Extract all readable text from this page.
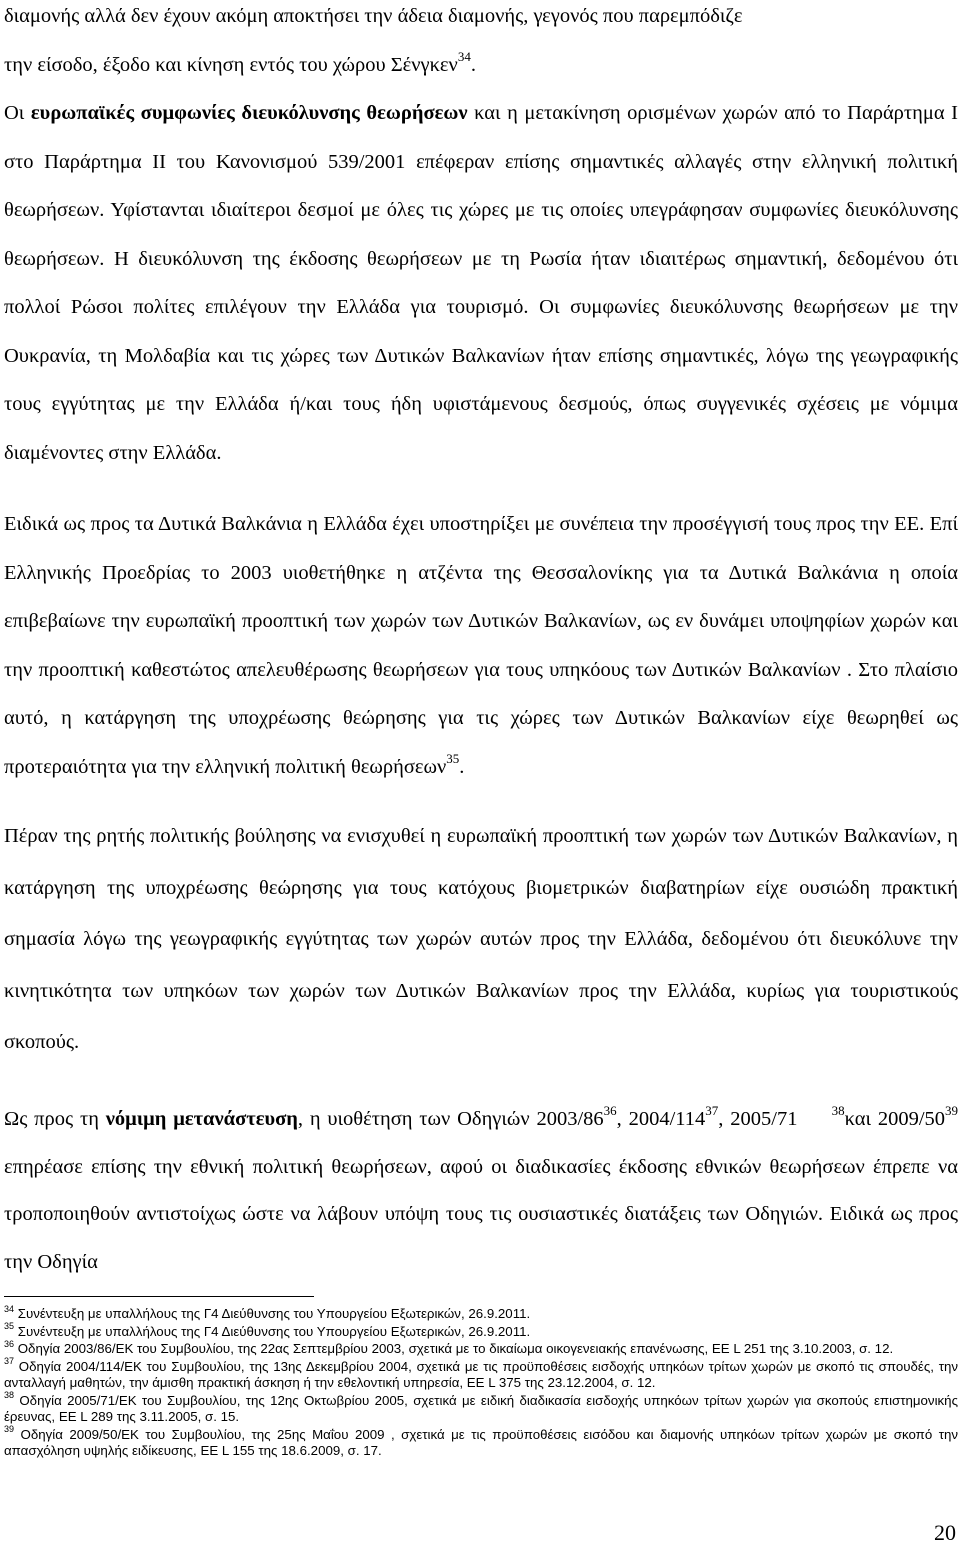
διαμονής αλλά δεν έχουν ακόμη αποκτήσει την άδεια διαμονής, γεγονός που παρεμπόδιζε
την είσοδο, έξοδο και κίνηση εντός του χώρου Σένγκεν$^{34}$.

Οι ευρωπαϊκές συμφωνίες διευκόλυνσης θεωρήσεων και η μετακίνηση ορισμένων χωρών από το Παράρτημα I στο Παράρτημα II του Κανονισμού 539/2001 επέφεραν επίσης σημαντικές αλλαγές στην ελληνική πολιτική θεωρήσεων. Υφίστανται ιδιαίτεροι δεσμοί με όλες τις χώρες με τις οποίες υπεγράφησαν συμφωνίες διευκόλυνσης θεωρήσεων. Η διευκόλυνση της έκδοσης θεωρήσεων με τη Ρωσία ήταν ιδιαιτέρως σημαντική, δεδομένου ότι πολλοί Ρώσοι πολίτες επιλέγουν την Ελλάδα για τουρισμό. Οι συμφωνίες διευκόλυνσης θεωρήσεων με την Ουκρανία, τη Μολδαβία και τις χώρες των Δυτικών Βαλκανίων ήταν επίσης σημαντικές, λόγω της γεωγραφικής τους εγγύτητας με την Ελλάδα ή/και τους ήδη υφιστάμενους δεσμούς, όπως συγγενικές σχέσεις με νόμιμα διαμένοντες στην Ελλάδα.

Ειδικά ως προς τα Δυτικά Βαλκάνια η Ελλάδα έχει υποστηρίξει με συνέπεια την προσέγγισή τους προς την ΕΕ. Επί Ελληνικής Προεδρίας το 2003 υιοθετήθηκε η ατζέντα της Θεσσαλονίκης για τα Δυτικά Βαλκάνια η οποία επιβεβαίωνε την ευρωπαϊκή προοπτική των χωρών των Δυτικών Βαλκανίων, ως εν δυνάμει υποψηφίων χωρών και την προοπτική καθεστώτος απελευθέρωσης θεωρήσεων για τους υπηκόους των Δυτικών Βαλκανίων . Στο πλαίσιο αυτό, η κατάργηση της υποχρέωσης θεώρησης για τις χώρες των Δυτικών Βαλκανίων είχε θεωρηθεί ως προτεραιότητα για την ελληνική πολιτική θεωρήσεων$^{35}$.

Πέραν της ρητής πολιτικής βούλησης να ενισχυθεί η ευρωπαϊκή προοπτική των χωρών των Δυτικών Βαλκανίων, η κατάργηση της υποχρέωσης θεώρησης για τους κατόχους βιομετρικών διαβατηρίων είχε ουσιώδη πρακτική σημασία λόγω της γεωγραφικής εγγύτητας των χωρών αυτών προς την Ελλάδα, δεδομένου ότι διευκόλυνε την κινητικότητα των υπηκόων των χωρών των Δυτικών Βαλκανίων προς την Ελλάδα, κυρίως για τουριστικούς σκοπούς.

Ως προς τη νόμιμη μετανάστευση, η υιοθέτηση των Οδηγιών $2003/86^{36}$, $2004/114^{37}$, 2005/71	$^{38}$και $2009/50^{39}$ επηρέασε επίσης την εθνική πολιτική θεωρήσεων, αφού οι διαδικασίες έκδοσης εθνικών θεωρήσεων έπρεπε να τροποποιηθούν αντιστοίχως ώστε να λάβουν υπόψη τους τις ουσιαστικές διατάξεις των Οδηγιών. Ειδικά ως προς την Οδηγία

$^{34}$ Συνέντευξη με υπαλλήλους της Γ4 Διεύθυνσης του Υπουργείου Εξωτερικών, 26.9.2011.

$^{35}$ Συνέντευξη με υπαλλήλους της Γ4 Διεύθυνσης του Υπουργείου Εξωτερικών, 26.9.2011.

$^{36}$ Οδηγία 2003/86/ΕΚ του Συμβουλίου, της 22ας Σεπτεμβρίου 2003, σχετικά με το δικαίωμα οικογενειακής επανένωσης, ΕΕ L 251 της 3.10.2003, σ. 12.

$^{37}$ Οδηγία 2004/114/ΕΚ του Συμβουλίου, της 13ης Δεκεμβρίου 2004, σχετικά με τις προϋποθέσεις εισδοχής υπηκόων τρίτων χωρών με σκοπό τις σπουδές, την ανταλλαγή μαθητών, την άμισθη πρακτική άσκηση ή την εθελοντική υπηρεσία, ΕΕ L 375 της 23.12.2004, σ. 12.

$^{38}$ Οδηγία 2005/71/ΕΚ του Συμβουλίου, της 12ης Οκτωβρίου 2005, σχετικά με ειδική διαδικασία εισδοχής υπηκόων τρίτων χωρών για σκοπούς επιστημονικής έρευνας, ΕΕ L 289 της 3.11.2005, σ. 15.

$^{39}$ Οδηγία 2009/50/ΕΚ του Συμβουλίου, της 25ης Μαΐου 2009 , σχετικά με τις προϋποθέσεις εισόδου και διαμονής υπηκόων τρίτων χωρών με σκοπό την απασχόληση υψηλής ειδίκευσης, ΕΕ L 155 της 18.6.2009, σ. 17.

20
